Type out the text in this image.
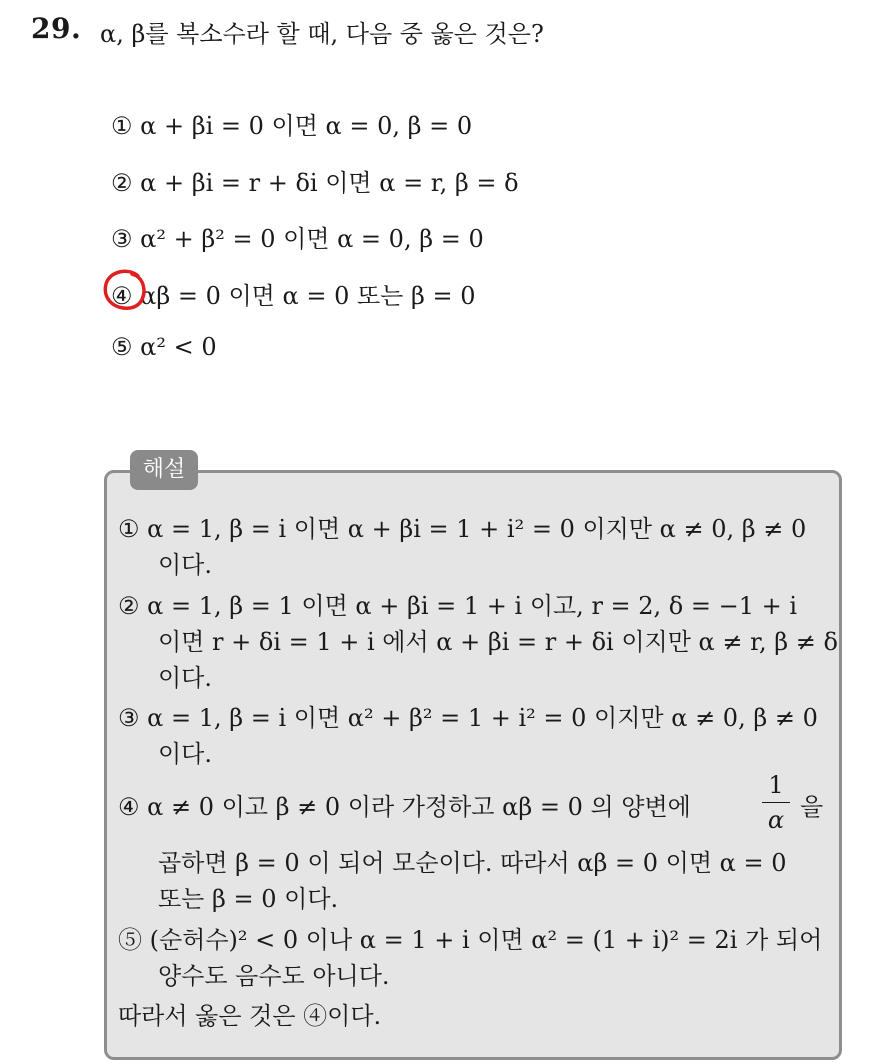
29. α, β를 복소수라 할 때, 다음 중 옳은 것은?
① α + βi = 0 이면 α = 0, β = 0
② α + βi = r + δi 이면 α = r, β = δ
③ α² + β² = 0 이면 α = 0, β = 0
④ αβ = 0 이면 α = 0 또는 β = 0
⑤ α² < 0
해설
① α = 1, β = i 이면 α + βi = 1 + i² = 0 이지만 α ≠ 0, β ≠ 0
이다.
② α = 1, β = 1 이면 α + βi = 1 + i 이고, r = 2, δ = −1 + i
이면 r + δi = 1 + i 에서 α + βi = r + δi 이지만 α ≠ r, β ≠ δ
이다.
③ α = 1, β = i 이면 α² + β² = 1 + i² = 0 이지만 α ≠ 0, β ≠ 0
이다.
④ α ≠ 0 이고 β ≠ 0 이라 가정하고 αβ = 0 의 양변에
1
α 을
곱하면 β = 0 이 되어 모순이다. 따라서 αβ = 0 이면 α = 0
또는 β = 0 이다.
⑤ (순허수)² < 0 이나 α = 1 + i 이면 α² = (1 + i)² = 2i 가 되어
양수도 음수도 아니다.
따라서 옳은 것은 ④이다.
